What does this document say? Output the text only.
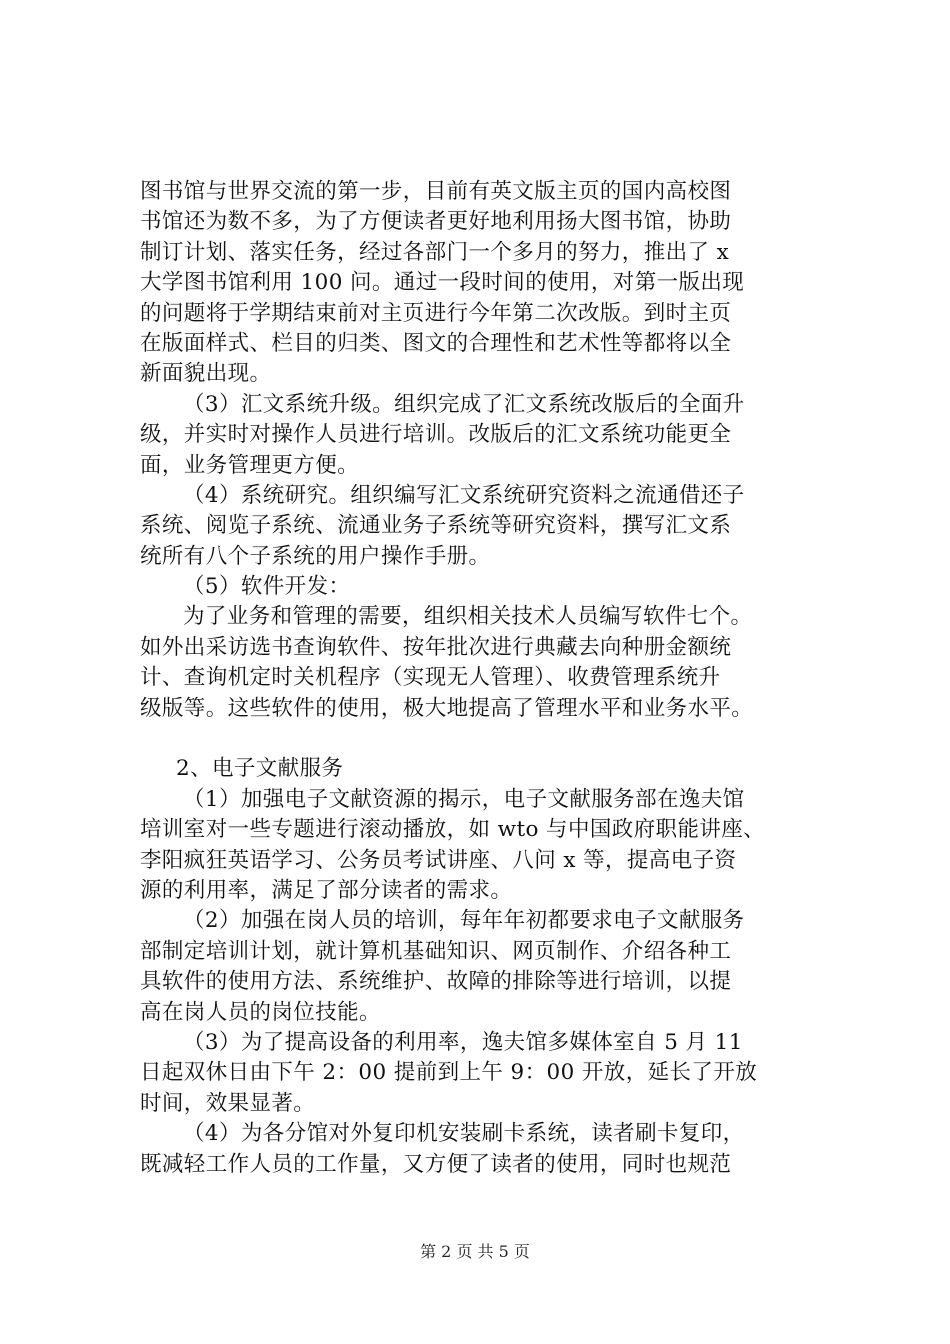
图书馆与世界交流的第一步，目前有英文版主页的国内高校图
书馆还为数不多，为了方便读者更好地利用扬大图书馆，协助
制订计划、落实任务，经过各部门一个多月的努力，推出了 x
大学图书馆利用 100 问。通过一段时间的使用，对第一版出现
的问题将于学期结束前对主页进行今年第二次改版。到时主页
在版面样式、栏目的归类、图文的合理性和艺术性等都将以全
新面貌出现。
（3）汇文系统升级。组织完成了汇文系统改版后的全面升
级，并实时对操作人员进行培训。改版后的汇文系统功能更全
面，业务管理更方便。
（4）系统研究。组织编写汇文系统研究资料之流通借还子
系统、阅览子系统、流通业务子系统等研究资料，撰写汇文系
统所有八个子系统的用户操作手册。
（5）软件开发：
为了业务和管理的需要，组织相关技术人员编写软件七个。
如外出采访选书查询软件、按年批次进行典藏去向种册金额统
计、查询机定时关机程序（实现无人管理）、收费管理系统升
级版等。这些软件的使用，极大地提高了管理水平和业务水平。
2、电子文献服务
（1）加强电子文献资源的揭示，电子文献服务部在逸夫馆
培训室对一些专题进行滚动播放，如 wto 与中国政府职能讲座、
李阳疯狂英语学习、公务员考试讲座、八问 x 等，提高电子资
源的利用率，满足了部分读者的需求。
（2）加强在岗人员的培训，每年年初都要求电子文献服务
部制定培训计划，就计算机基础知识、网页制作、介绍各种工
具软件的使用方法、系统维护、故障的排除等进行培训，以提
高在岗人员的岗位技能。
（3）为了提高设备的利用率，逸夫馆多媒体室自 5 月 11
日起双休日由下午 2：00 提前到上午 9：00 开放，延长了开放
时间，效果显著。
（4）为各分馆对外复印机安装刷卡系统，读者刷卡复印，
既减轻工作人员的工作量，又方便了读者的使用，同时也规范
第 2 页 共 5 页
